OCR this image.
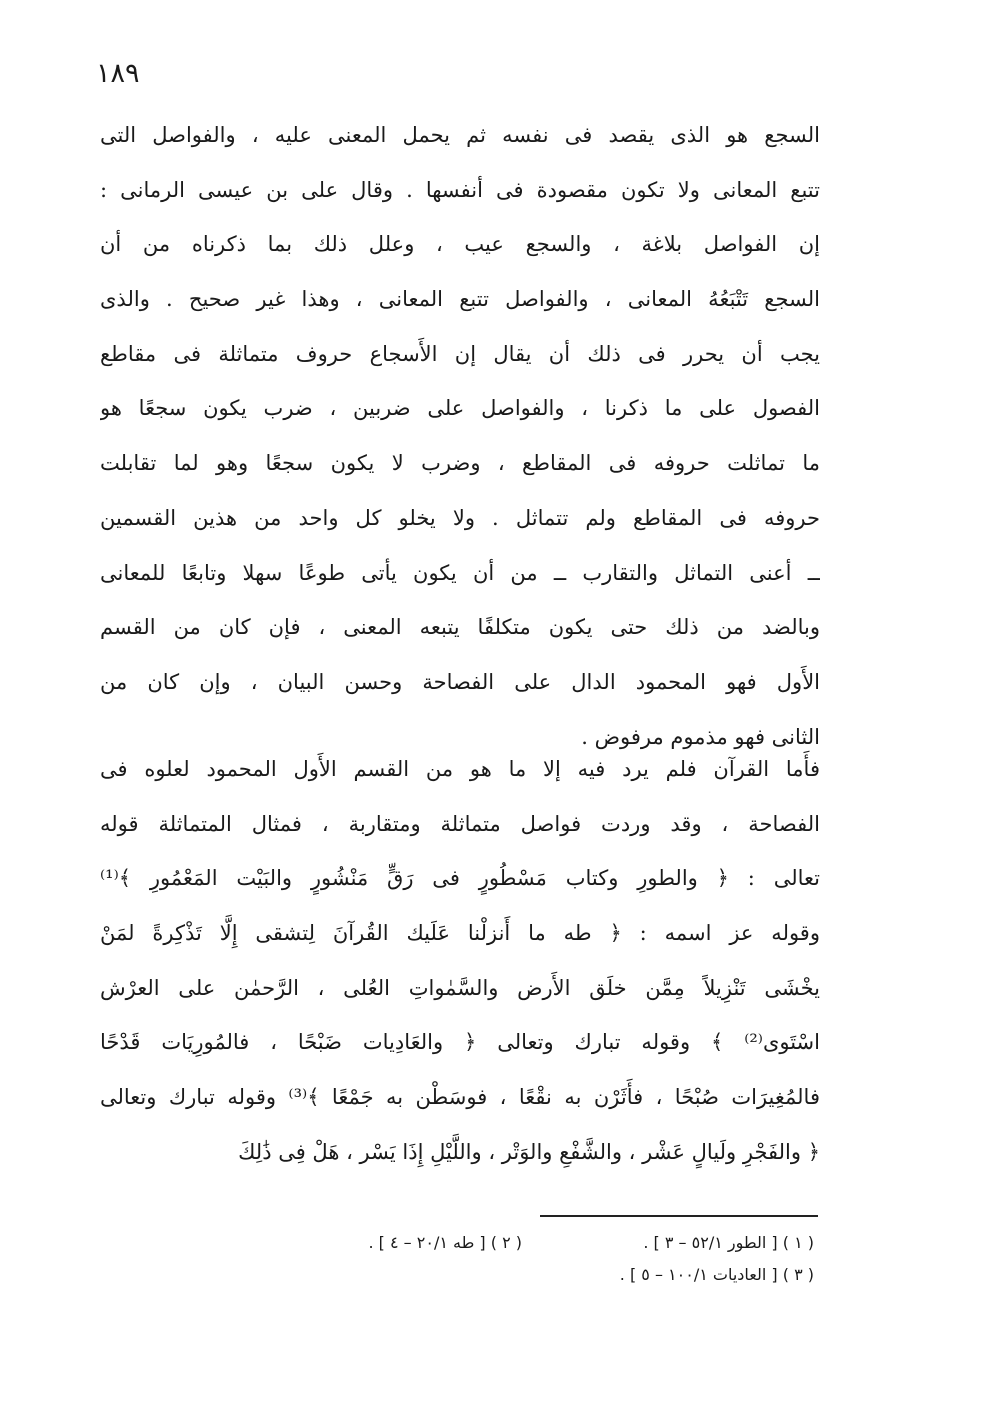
١٨٩
السجع هو الذى يقصد فى نفسه ثم يحمل المعنى عليه ، والفواصل التى
تتبع المعانى ولا تكون مقصودة فى أنفسها . وقال على بن عيسى الرمانى :
إن الفواصل بلاغة ، والسجع عيب ، وعلل ذلك بما ذكرناه من أن
السجع تَتْبَعُهُ المعانى ، والفواصل تتبع المعانى ، وهذا غير صحيح . والذى
يجب أن يحرر فى ذلك أن يقال إن الأَسجاع حروف متماثلة فى مقاطع
الفصول على ما ذكرنا ، والفواصل على ضربين ، ضرب يكون سجعًا هو
ما تماثلت حروفه فى المقاطع ، وضرب لا يكون سجعًا وهو لما تقابلت
حروفه فى المقاطع ولم تتماثل . ولا يخلو كل واحد من هذين القسمين
ــ أعنى التماثل والتقارب ــ من أن يكون يأتى طوعًا سهلا وتابعًا للمعانى
وبالضد من ذلك حتى يكون متكلفًا يتبعه المعنى ، فإن كان من القسم
الأَول فهو المحمود الدال على الفصاحة وحسن البيان ، وإن كان من
الثانى فهو مذموم مرفوض .
فأَما القرآن فلم يرد فيه إلا ما هو من القسم الأَول المحمود لعلوه فى
الفصاحة ، وقد وردت فواصل متماثلة ومتقاربة ، فمثال المتماثلة قوله
تعالى : ﴿ والطورِ وكتاب مَسْطُورٍ فى رَقٍّ مَنْشُورٍ والبَيْت المَعْمُورِ ﴾⁽¹⁾
وقوله عز اسمه : ﴿ طه ما أَنزلْنا عَلَيك القُرآنَ لِتشقى إِلَّا تَذْكِرةً لمَنْ
يخْشَى تَنْزِيلاً مِمَّن خلَق الأَرض والسَّمٰواتِ العُلى ، الرَّحمٰن على العرْش
اسْتَوى⁽²⁾ ﴾ وقوله تبارك وتعالى ﴿ والعَادِيات ضَبْحًا ، فالمُورِيَات قَدْحًا
فالمُغِيرَات صُبْحًا ، فأَثَرْن به نقْعًا ، فوسَطْن به جَمْعًا ﴾⁽³⁾ وقوله تبارك وتعالى
﴿ والفَجْرِ ولَيالٍ عَشْر ، والشَّفْعِ والوَتْر ، واللَّيْلِ إِذَا يَسْر ، هَلْ فِى ذَٰلِكَ
( ١ ) [ الطور ٥٢/١ – ٣ ] .
( ٢ ) [ طه ٢٠/١ – ٤ ] .
( ٣ ) [ العاديات ١٠٠/١ – ٥ ] .
